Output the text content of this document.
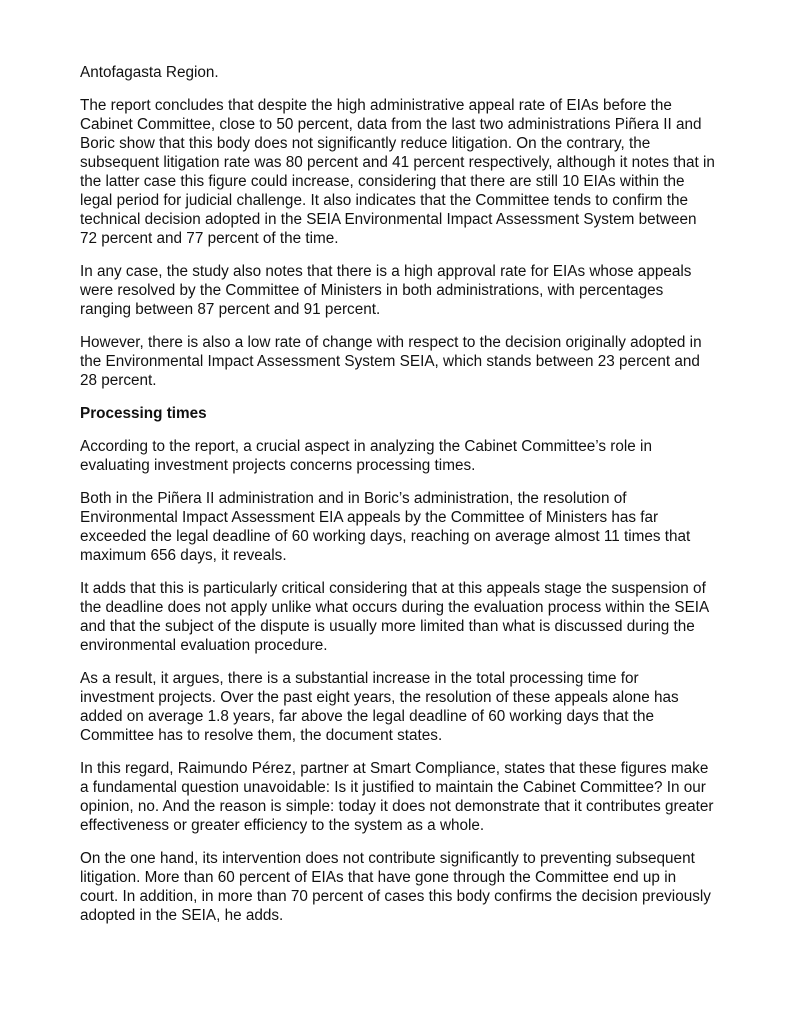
Antofagasta Region.
The report concludes that despite the high administrative appeal rate of EIAs before the
Cabinet Committee, close to 50 percent, data from the last two administrations Piñera II and
Boric show that this body does not significantly reduce litigation. On the contrary, the
subsequent litigation rate was 80 percent and 41 percent respectively, although it notes that in
the latter case this figure could increase, considering that there are still 10 EIAs within the
legal period for judicial challenge. It also indicates that the Committee tends to confirm the
technical decision adopted in the SEIA Environmental Impact Assessment System between
72 percent and 77 percent of the time.
In any case, the study also notes that there is a high approval rate for EIAs whose appeals
were resolved by the Committee of Ministers in both administrations, with percentages
ranging between 87 percent and 91 percent.
However, there is also a low rate of change with respect to the decision originally adopted in
the Environmental Impact Assessment System SEIA, which stands between 23 percent and
28 percent.
Processing times
According to the report, a crucial aspect in analyzing the Cabinet Committee’s role in
evaluating investment projects concerns processing times.
Both in the Piñera II administration and in Boric’s administration, the resolution of
Environmental Impact Assessment EIA appeals by the Committee of Ministers has far
exceeded the legal deadline of 60 working days, reaching on average almost 11 times that
maximum 656 days, it reveals.
It adds that this is particularly critical considering that at this appeals stage the suspension of
the deadline does not apply unlike what occurs during the evaluation process within the SEIA
and that the subject of the dispute is usually more limited than what is discussed during the
environmental evaluation procedure.
As a result, it argues, there is a substantial increase in the total processing time for
investment projects. Over the past eight years, the resolution of these appeals alone has
added on average 1.8 years, far above the legal deadline of 60 working days that the
Committee has to resolve them, the document states.
In this regard, Raimundo Pérez, partner at Smart Compliance, states that these figures make
a fundamental question unavoidable: Is it justified to maintain the Cabinet Committee? In our
opinion, no. And the reason is simple: today it does not demonstrate that it contributes greater
effectiveness or greater efficiency to the system as a whole.
On the one hand, its intervention does not contribute significantly to preventing subsequent
litigation. More than 60 percent of EIAs that have gone through the Committee end up in
court. In addition, in more than 70 percent of cases this body confirms the decision previously
adopted in the SEIA, he adds.
